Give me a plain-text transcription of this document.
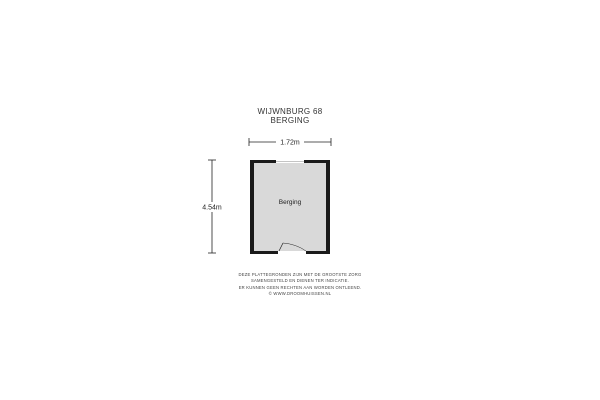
WIJWNBURG 68
BERGING
1.72m
4.54m
Berging
DEZE PLATTEGRONDEN ZIJN MET DE GROOTSTE ZORG
SAMENGESTELD EN DIENEN TER INDICATIE.
ER KUNNEN GEEN RECHTEN AAN WORDEN ONTLEEND.
© WWW.DROOMHUISSEN.NL
